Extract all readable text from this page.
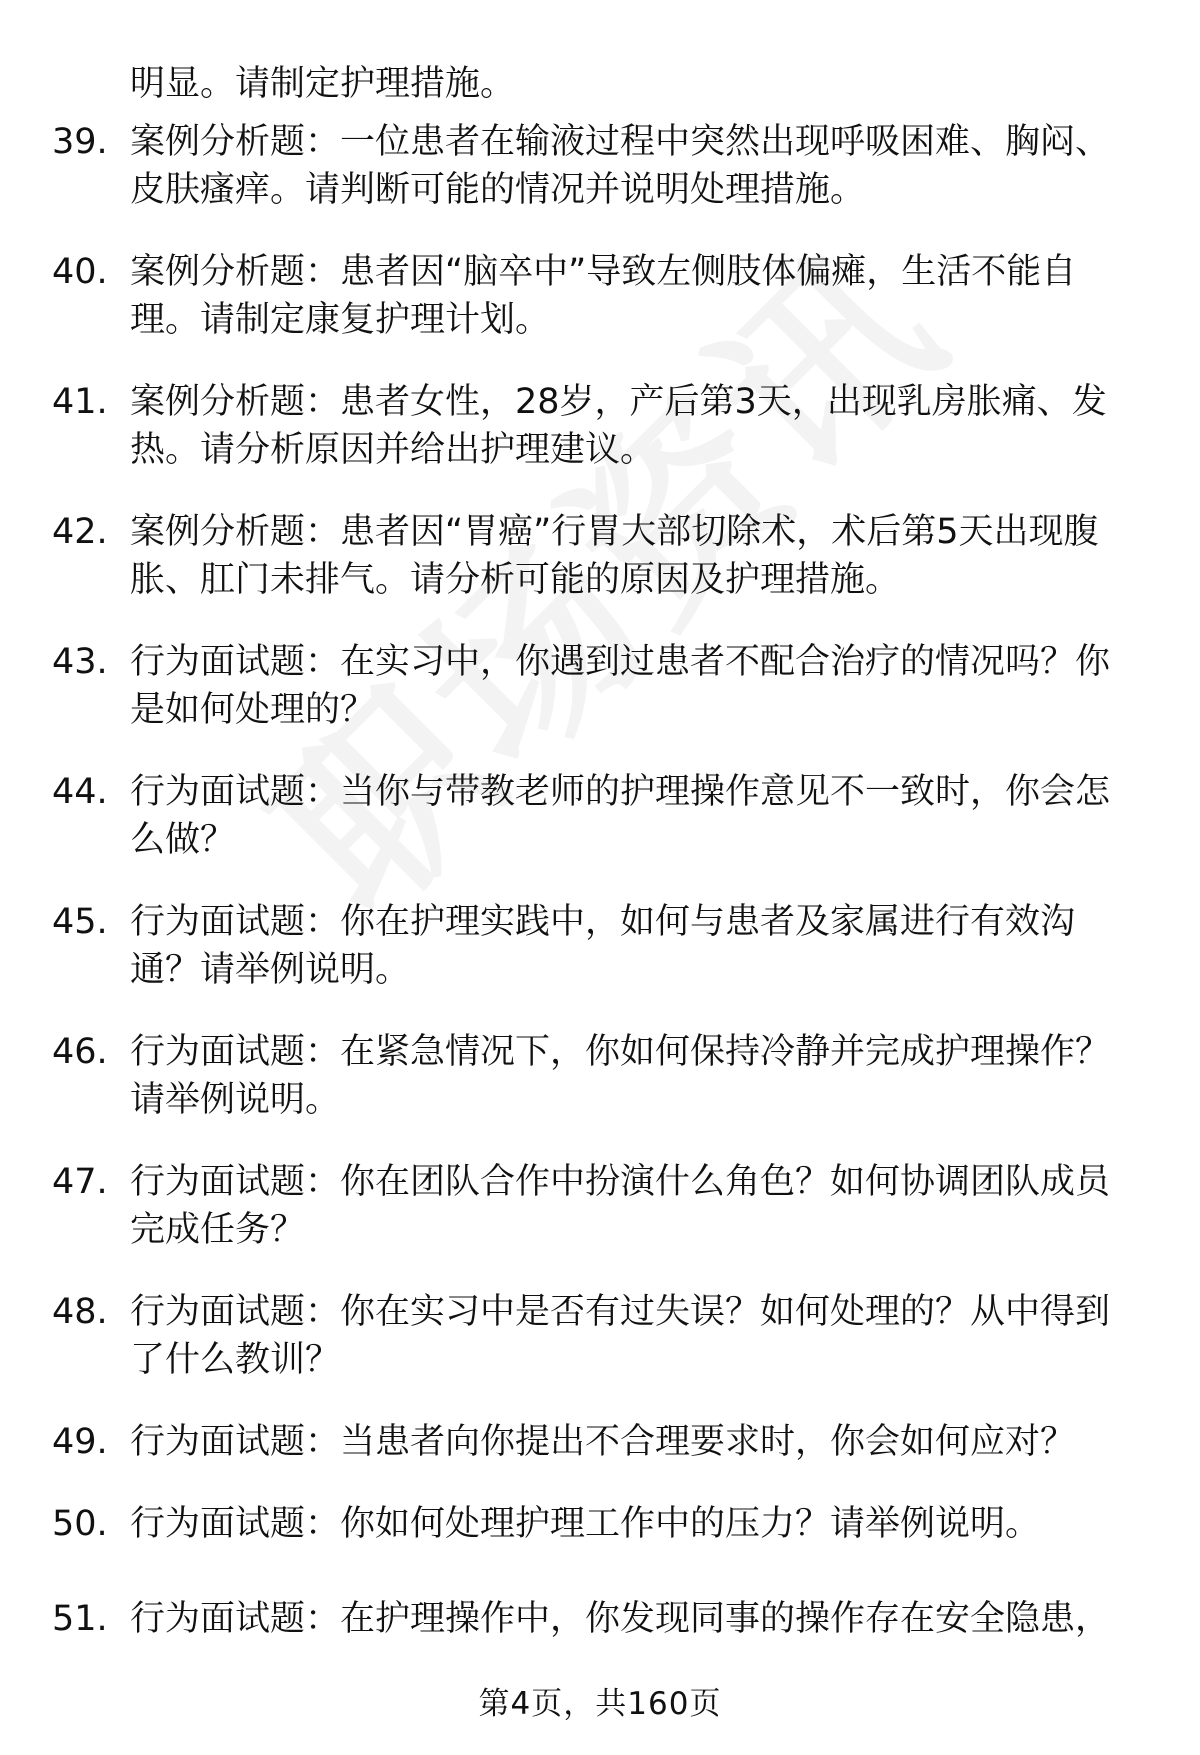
明显。请制定护理措施。
39. 案例分析题：一位患者在输液过程中突然出现呼吸困难、胸闷、
皮肤瘙痒。请判断可能的情况并说明处理措施。
40. 案例分析题：患者因“脑卒中”导致左侧肢体偏瘫，生活不能自
理。请制定康复护理计划。
41. 案例分析题：患者女性，28岁，产后第3天，出现乳房胀痛、发
热。请分析原因并给出护理建议。
42. 案例分析题：患者因“胃癌”行胃大部切除术，术后第5天出现腹
胀、肛门未排气。请分析可能的原因及护理措施。
43. 行为面试题：在实习中，你遇到过患者不配合治疗的情况吗？你
是如何处理的？
44. 行为面试题：当你与带教老师的护理操作意见不一致时，你会怎
么做？
45. 行为面试题：你在护理实践中，如何与患者及家属进行有效沟
通？请举例说明。
46. 行为面试题：在紧急情况下，你如何保持冷静并完成护理操作？
请举例说明。
47. 行为面试题：你在团队合作中扮演什么角色？如何协调团队成员
完成任务？
48. 行为面试题：你在实习中是否有过失误？如何处理的？从中得到
了什么教训？
49. 行为面试题：当患者向你提出不合理要求时，你会如何应对？
50. 行为面试题：你如何处理护理工作中的压力？请举例说明。
51. 行为面试题：在护理操作中，你发现同事的操作存在安全隐患，
第4页，共160页
